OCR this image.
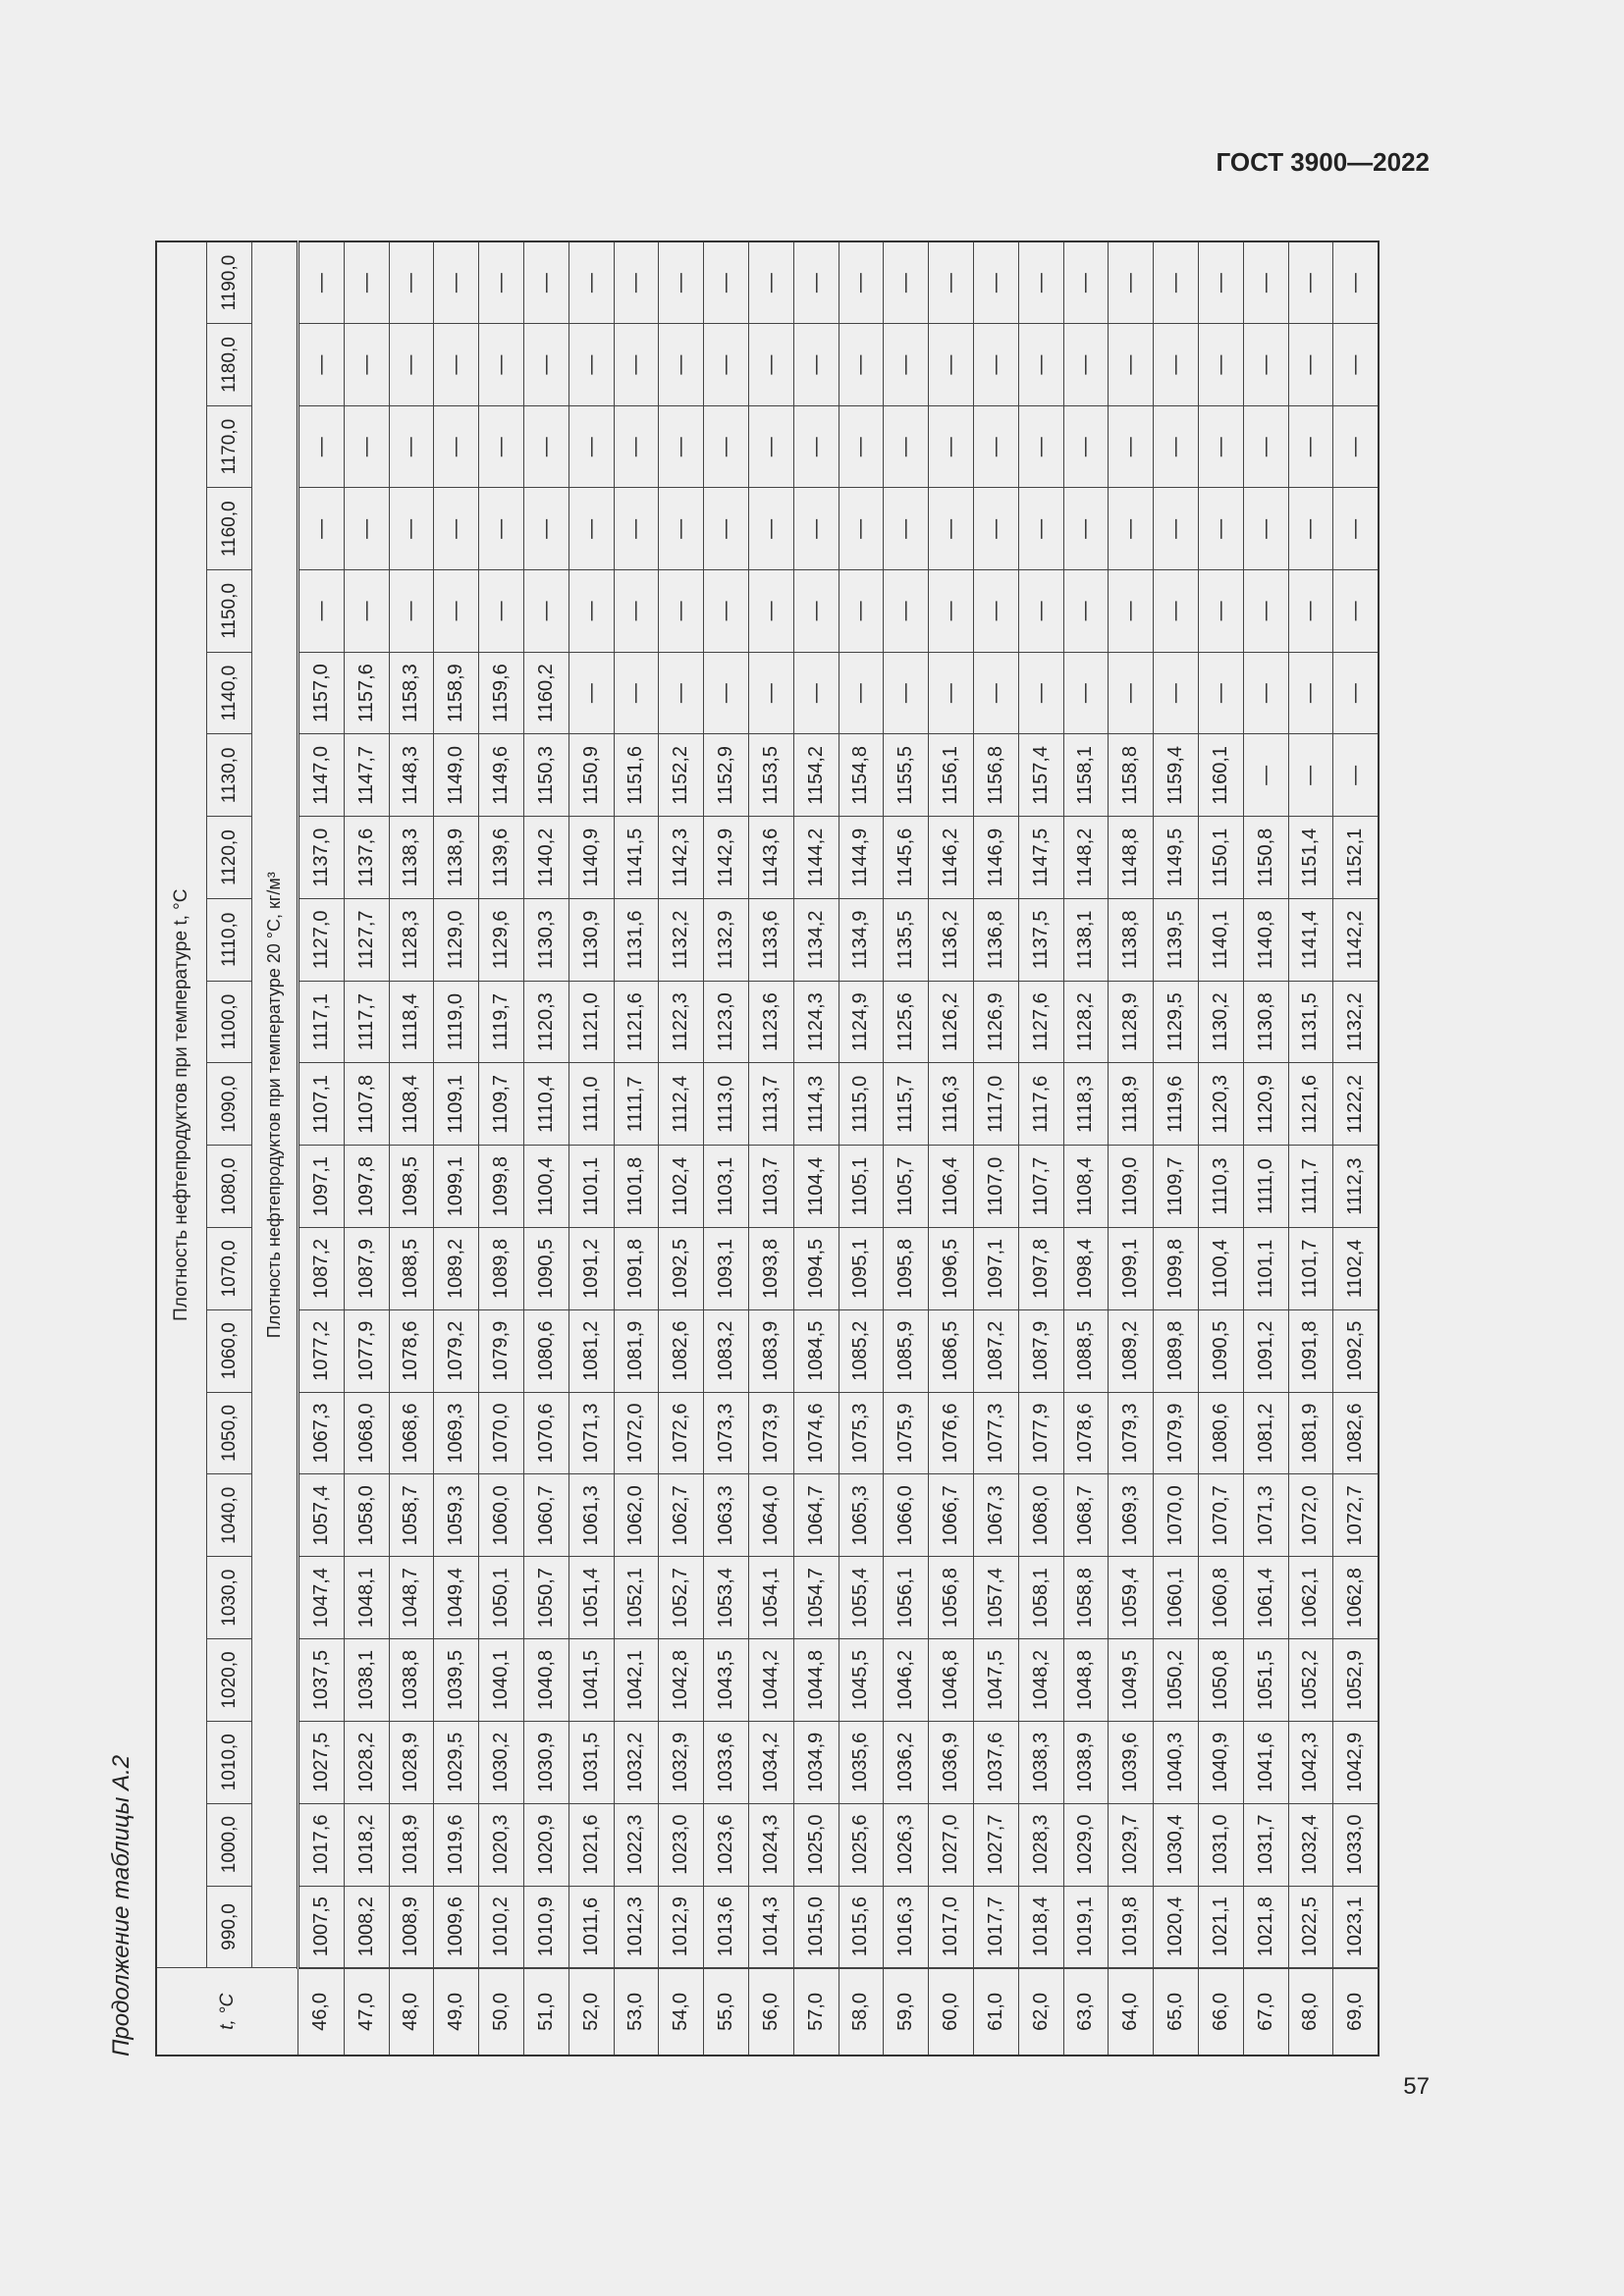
ГОСТ 3900—2022
Продолжение таблицы А.2	t, °C	Плотность нефтепродуктов при температуре t, °C																				
	990,0	1000,0	1010,0	1020,0	1030,0	1040,0	1050,0	1060,0	1070,0	1080,0	1090,0	1100,0	1110,0	1120,0	1130,0	1140,0	1150,0	1160,0	1170,0	1180,0	1190,0
	Плотность нефтепродуктов при температуре 20 °C, кг/м³																				
46,0	1007,5	1017,6	1027,5	1037,5	1047,4	1057,4	1067,3	1077,2	1087,2	1097,1	1107,1	1117,1	1127,0	1137,0	1147,0	1157,0	—	—	—	—	—
47,0	1008,2	1018,2	1028,2	1038,1	1048,1	1058,0	1068,0	1077,9	1087,9	1097,8	1107,8	1117,7	1127,7	1137,6	1147,7	1157,6	—	—	—	—	—
48,0	1008,9	1018,9	1028,9	1038,8	1048,7	1058,7	1068,6	1078,6	1088,5	1098,5	1108,4	1118,4	1128,3	1138,3	1148,3	1158,3	—	—	—	—	—
49,0	1009,6	1019,6	1029,5	1039,5	1049,4	1059,3	1069,3	1079,2	1089,2	1099,1	1109,1	1119,0	1129,0	1138,9	1149,0	1158,9	—	—	—	—	—
50,0	1010,2	1020,3	1030,2	1040,1	1050,1	1060,0	1070,0	1079,9	1089,8	1099,8	1109,7	1119,7	1129,6	1139,6	1149,6	1159,6	—	—	—	—	—
51,0	1010,9	1020,9	1030,9	1040,8	1050,7	1060,7	1070,6	1080,6	1090,5	1100,4	1110,4	1120,3	1130,3	1140,2	1150,3	1160,2	—	—	—	—	—
52,0	1011,6	1021,6	1031,5	1041,5	1051,4	1061,3	1071,3	1081,2	1091,2	1101,1	1111,0	1121,0	1130,9	1140,9	1150,9	—	—	—	—	—	—
53,0	1012,3	1022,3	1032,2	1042,1	1052,1	1062,0	1072,0	1081,9	1091,8	1101,8	1111,7	1121,6	1131,6	1141,5	1151,6	—	—	—	—	—	—
54,0	1012,9	1023,0	1032,9	1042,8	1052,7	1062,7	1072,6	1082,6	1092,5	1102,4	1112,4	1122,3	1132,2	1142,3	1152,2	—	—	—	—	—	—
55,0	1013,6	1023,6	1033,6	1043,5	1053,4	1063,3	1073,3	1083,2	1093,1	1103,1	1113,0	1123,0	1132,9	1142,9	1152,9	—	—	—	—	—	—
56,0	1014,3	1024,3	1034,2	1044,2	1054,1	1064,0	1073,9	1083,9	1093,8	1103,7	1113,7	1123,6	1133,6	1143,6	1153,5	—	—	—	—	—	—
57,0	1015,0	1025,0	1034,9	1044,8	1054,7	1064,7	1074,6	1084,5	1094,5	1104,4	1114,3	1124,3	1134,2	1144,2	1154,2	—	—	—	—	—	—
58,0	1015,6	1025,6	1035,6	1045,5	1055,4	1065,3	1075,3	1085,2	1095,1	1105,1	1115,0	1124,9	1134,9	1144,9	1154,8	—	—	—	—	—	—
59,0	1016,3	1026,3	1036,2	1046,2	1056,1	1066,0	1075,9	1085,9	1095,8	1105,7	1115,7	1125,6	1135,5	1145,6	1155,5	—	—	—	—	—	—
60,0	1017,0	1027,0	1036,9	1046,8	1056,8	1066,7	1076,6	1086,5	1096,5	1106,4	1116,3	1126,2	1136,2	1146,2	1156,1	—	—	—	—	—	—
61,0	1017,7	1027,7	1037,6	1047,5	1057,4	1067,3	1077,3	1087,2	1097,1	1107,0	1117,0	1126,9	1136,8	1146,9	1156,8	—	—	—	—	—	—
62,0	1018,4	1028,3	1038,3	1048,2	1058,1	1068,0	1077,9	1087,9	1097,8	1107,7	1117,6	1127,6	1137,5	1147,5	1157,4	—	—	—	—	—	—
63,0	1019,1	1029,0	1038,9	1048,8	1058,8	1068,7	1078,6	1088,5	1098,4	1108,4	1118,3	1128,2	1138,1	1148,2	1158,1	—	—	—	—	—	—
64,0	1019,8	1029,7	1039,6	1049,5	1059,4	1069,3	1079,3	1089,2	1099,1	1109,0	1118,9	1128,9	1138,8	1148,8	1158,8	—	—	—	—	—	—
65,0	1020,4	1030,4	1040,3	1050,2	1060,1	1070,0	1079,9	1089,8	1099,8	1109,7	1119,6	1129,5	1139,5	1149,5	1159,4	—	—	—	—	—	—
66,0	1021,1	1031,0	1040,9	1050,8	1060,8	1070,7	1080,6	1090,5	1100,4	1110,3	1120,3	1130,2	1140,1	1150,1	1160,1	—	—	—	—	—	—
67,0	1021,8	1031,7	1041,6	1051,5	1061,4	1071,3	1081,2	1091,2	1101,1	1111,0	1120,9	1130,8	1140,8	1150,8	—	—	—	—	—	—	—
68,0	1022,5	1032,4	1042,3	1052,2	1062,1	1072,0	1081,9	1091,8	1101,7	1111,7	1121,6	1131,5	1141,4	1151,4	—	—	—	—	—	—	—
69,0	1023,1	1033,0	1042,9	1052,9	1062,8	1072,7	1082,6	1092,5	1102,4	1112,3	1122,2	1132,2	1142,2	1152,1	—	—	—	—	—	—	—
57
